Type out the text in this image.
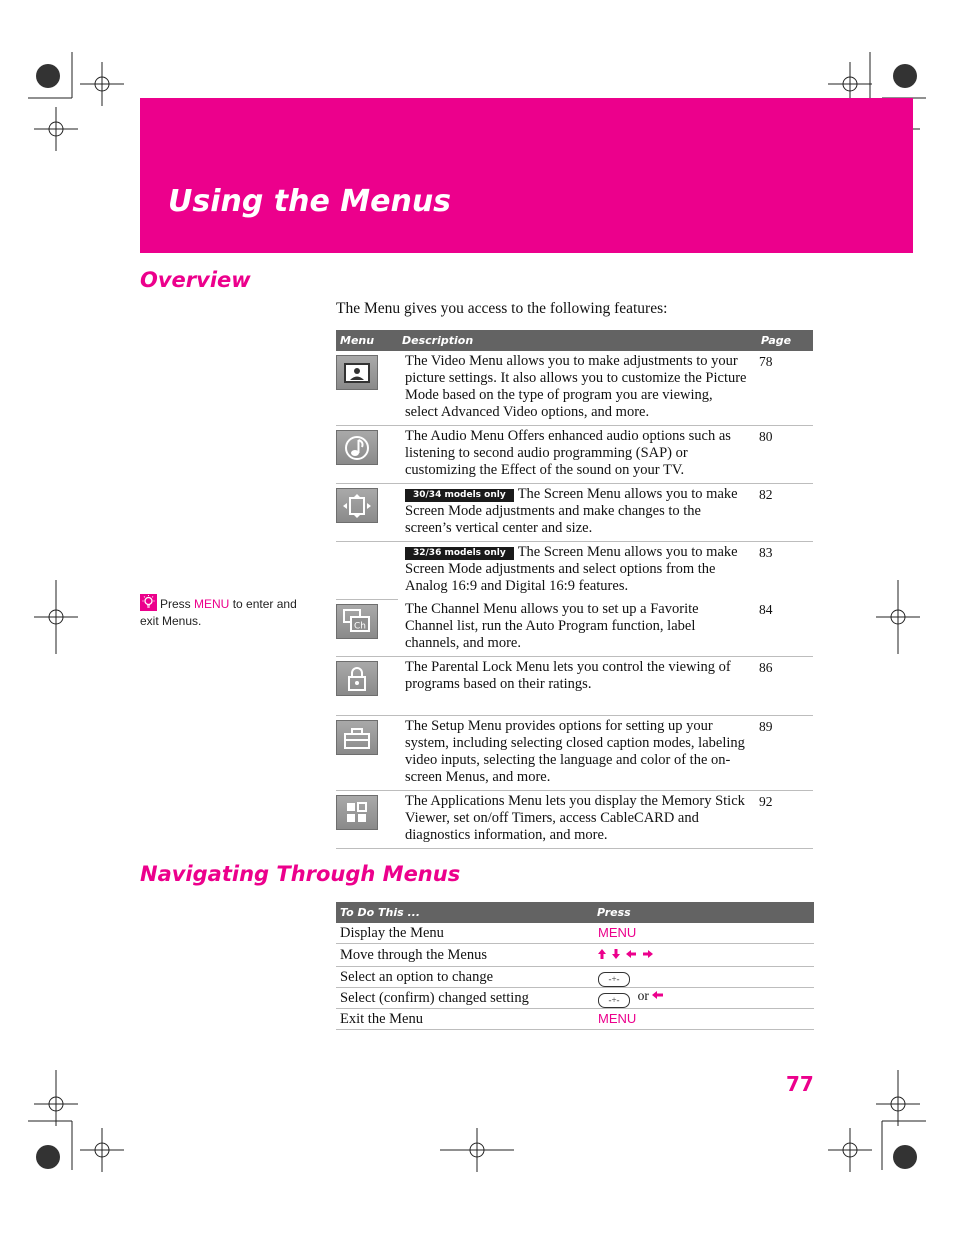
Using the Menus
Overview
The Menu gives you access to the following features:
Menu	Description	Page

	The Video Menu allows you to make adjustments to your picture settings. It also allows you to customize the Picture Mode based on the type of program you are viewing, select Advanced Video options, and more.	78

	The Audio Menu Offers enhanced audio options such as listening to second audio programming (SAP) or customizing the Effect of the sound on your TV.	80

	30/34 models only The Screen Menu allows you to make Screen Mode adjustments and make changes to the screen’s vertical center and size.	82
	32/36 models only The Screen Menu allows you to make Screen Mode adjustments and select options from the Analog 16:9 and Digital 16:9 features.	83

Ch	The Channel Menu allows you to set up a Favorite Channel list, run the Auto Program function, label channels, and more.	84

	The Parental Lock Menu lets you control the viewing of programs based on their ratings.	86

	The Setup Menu provides options for setting up your system, including selecting closed caption modes, labeling video inputs, selecting the language and color of the on-screen Menus, and more.	89

	The Applications Menu lets you display the Memory Stick Viewer, set on/off Timers, access CableCARD and diagnostics information, and more.	92
Press MENU to enter and exit Menus.
Navigating Through Menus
To Do This ...	Press
Display the Menu	MENU
Move through the Menus	
Select an option to change	-+-
Select (confirm) changed setting	-+- or
Exit the Menu	MENU
77
